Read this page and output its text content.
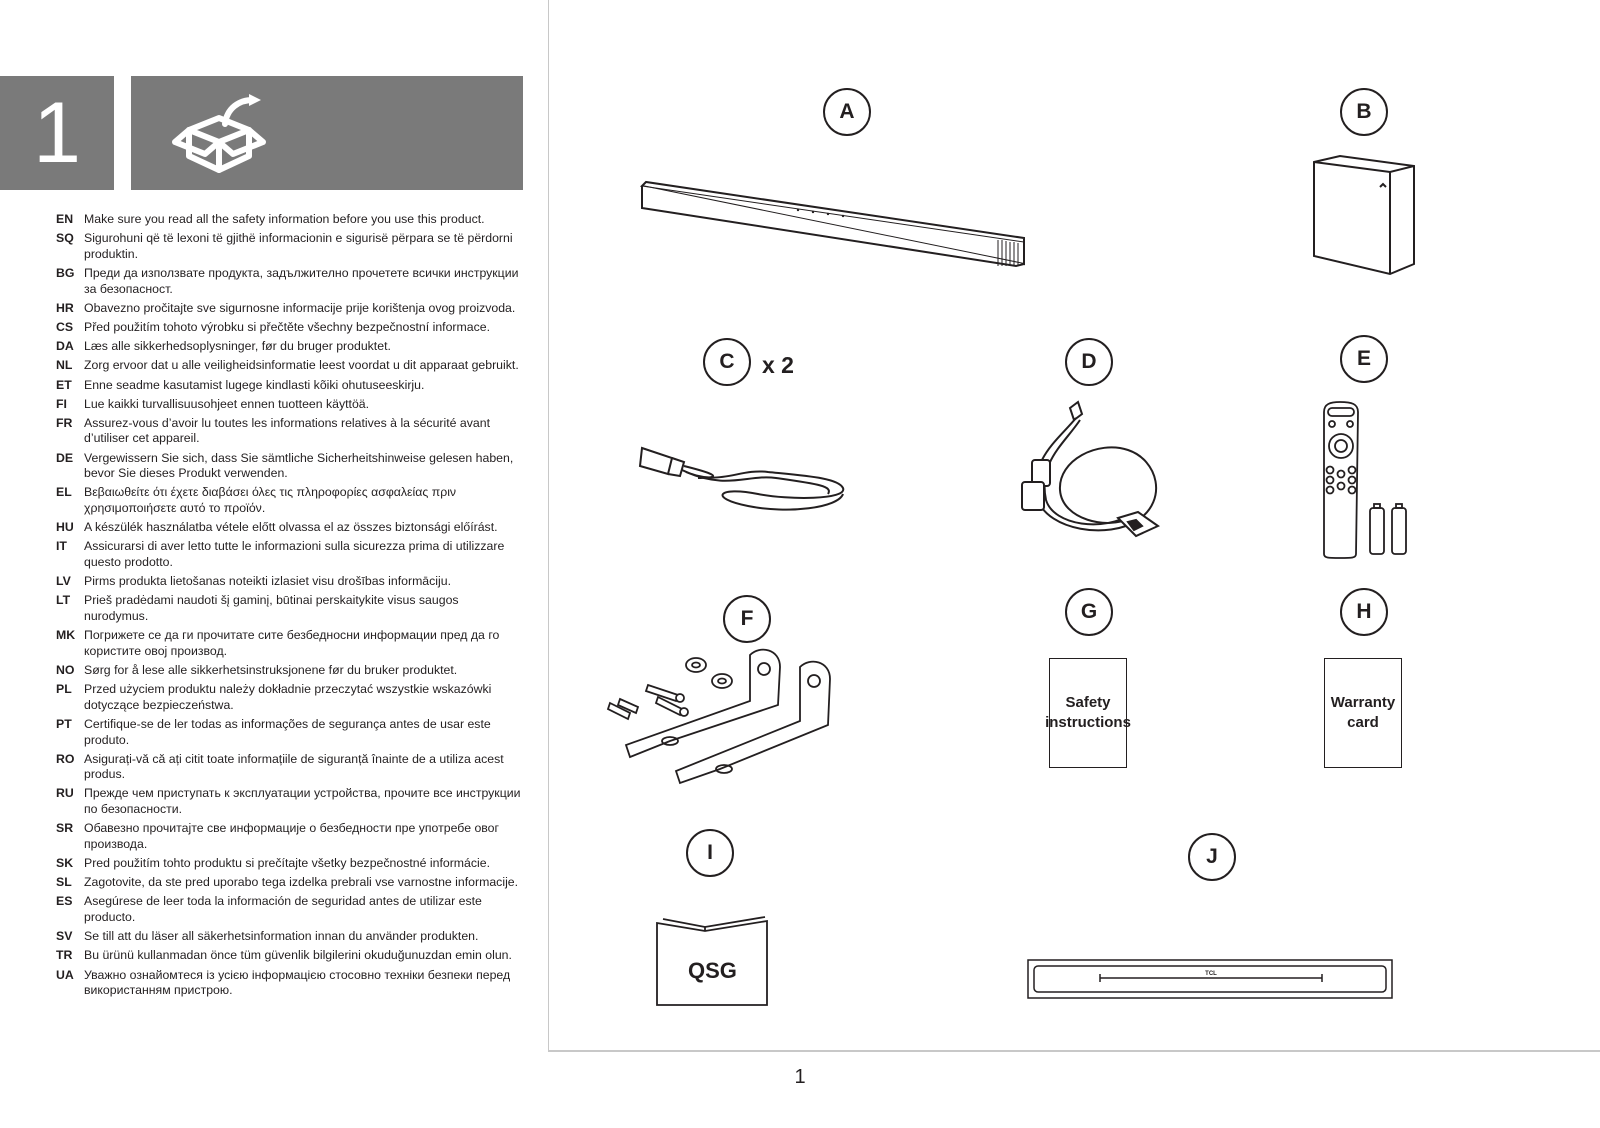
1
EN Make sure you read all the safety information before you use this product.
SQ Sigurohuni që të lexoni të gjithë informacionin e sigurisë përpara se të përdorni produktin.
BG Преди да използвате продукта, задължително прочетете всички инструкции за безопасност.
HR Obavezno pročitajte sve sigurnosne informacije prije korištenja ovog proizvoda.
CS Před použitím tohoto výrobku si přečtěte všechny bezpečnostní informace.
DA Læs alle sikkerhedsoplysninger, før du bruger produktet.
NL Zorg ervoor dat u alle veiligheidsinformatie leest voordat u dit apparaat gebruikt.
ET Enne seadme kasutamist lugege kindlasti kõiki ohutuseeskirju.
FI	Lue kaikki turvallisuusohjeet ennen tuotteen käyttöä.
FR Assurez-vous d’avoir lu toutes les informations relatives à la sécurité avant d’utiliser cet appareil.
DE Vergewissern Sie sich, dass Sie sämtliche Sicherheitshinweise gelesen haben, bevor Sie dieses Produkt verwenden.
EL Βεβαιωθείτε ότι έχετε διαβάσει όλες τις πληροφορίες ασφαλείας πριν χρησιμοποιήσετε αυτό το προϊόν.
HU A készülék használatba vétele előtt olvassa el az összes biztonsági előírást.
IT	Assicurarsi di aver letto tutte le informazioni sulla sicurezza prima di utilizzare questo prodotto.
LV	Pirms produkta lietošanas noteikti izlasiet visu drošības informāciju.
LT	Prieš pradėdami naudoti šį gaminį, būtinai perskaitykite visus saugos nurodymus.
MK Погрижете се да ги прочитате сите безбедносни информации пред да го користите овој производ.
NO Sørg for å lese alle sikkerhetsinstruksjonene før du bruker produktet.
PL Przed użyciem produktu należy dokładnie przeczytać wszystkie wskazówki dotyczące bezpieczeństwa.
PT Certifique-se de ler todas as informações de segurança antes de usar este produto.
RO Asigurați-vă că ați citit toate informațiile de siguranță înainte de a utiliza acest produs.
RU Прежде чем приступать к эксплуатации устройства, прочите все инструкции по безопасности.
SR Обавезно прочитајте све информације о безбедности пре употребе овог производа.
SK Pred použitím tohto produktu si prečítajte všetky bezpečnostné informácie.
SL Zagotovite, da ste pred uporabo tega izdelka prebrali vse varnostne informacije.
ES Asegúrese de leer toda la información de seguridad antes de utilizar este producto.
SV Se till att du läser all säkerhetsinformation innan du använder produkten.
TR Bu ürünü kullanmadan önce tüm güvenlik bilgilerini okuduğunuzdan emin olun.
UA Уважно ознайомтеся із усією інформацією стосовно техніки безпеки перед використанням пристрою.
A	B
C	x 2	D	E
F	G	H
I	J
Safety instructions
Warranty card
QSG	TCL
1
